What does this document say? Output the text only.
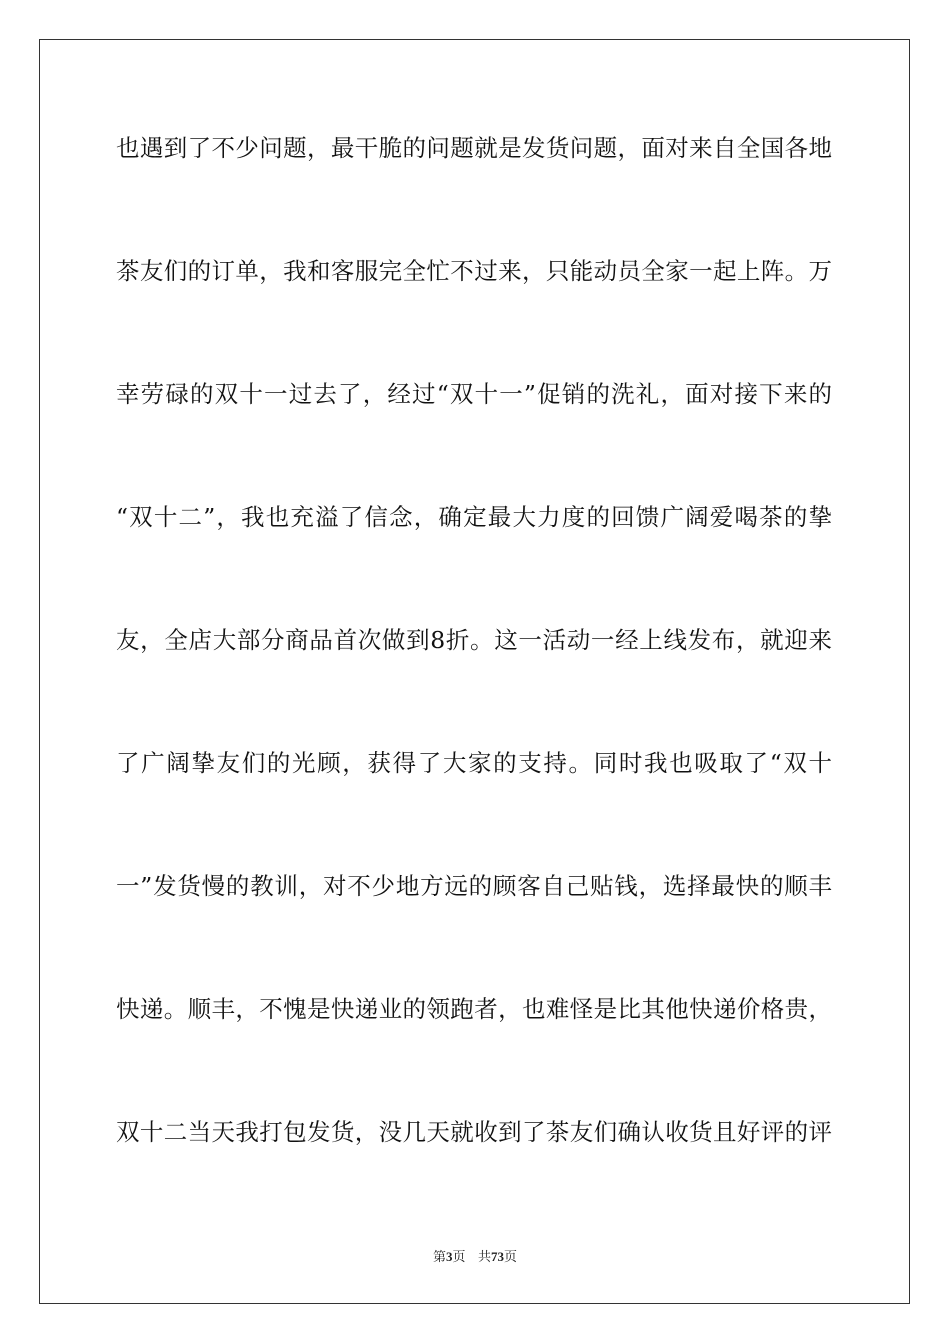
也遇到了不少问题，最干脆的问题就是发货问题，面对来自全国各地
茶友们的订单，我和客服完全忙不过来，只能动员全家一起上阵。万
幸劳碌的双十一过去了，经过“双十一”促销的洗礼，面对接下来的
“双十二”，我也充溢了信念，确定最大力度的回馈广阔爱喝茶的挚
友，全店大部分商品首次做到8折。这一活动一经上线发布，就迎来
了广阔挚友们的光顾，获得了大家的支持。同时我也吸取了“双十
一”发货慢的教训，对不少地方远的顾客自己贴钱，选择最快的顺丰
快递。顺丰，不愧是快递业的领跑者，也难怪是比其他快递价格贵，
双十二当天我打包发货，没几天就收到了茶友们确认收货且好评的评
第3页 共73页
